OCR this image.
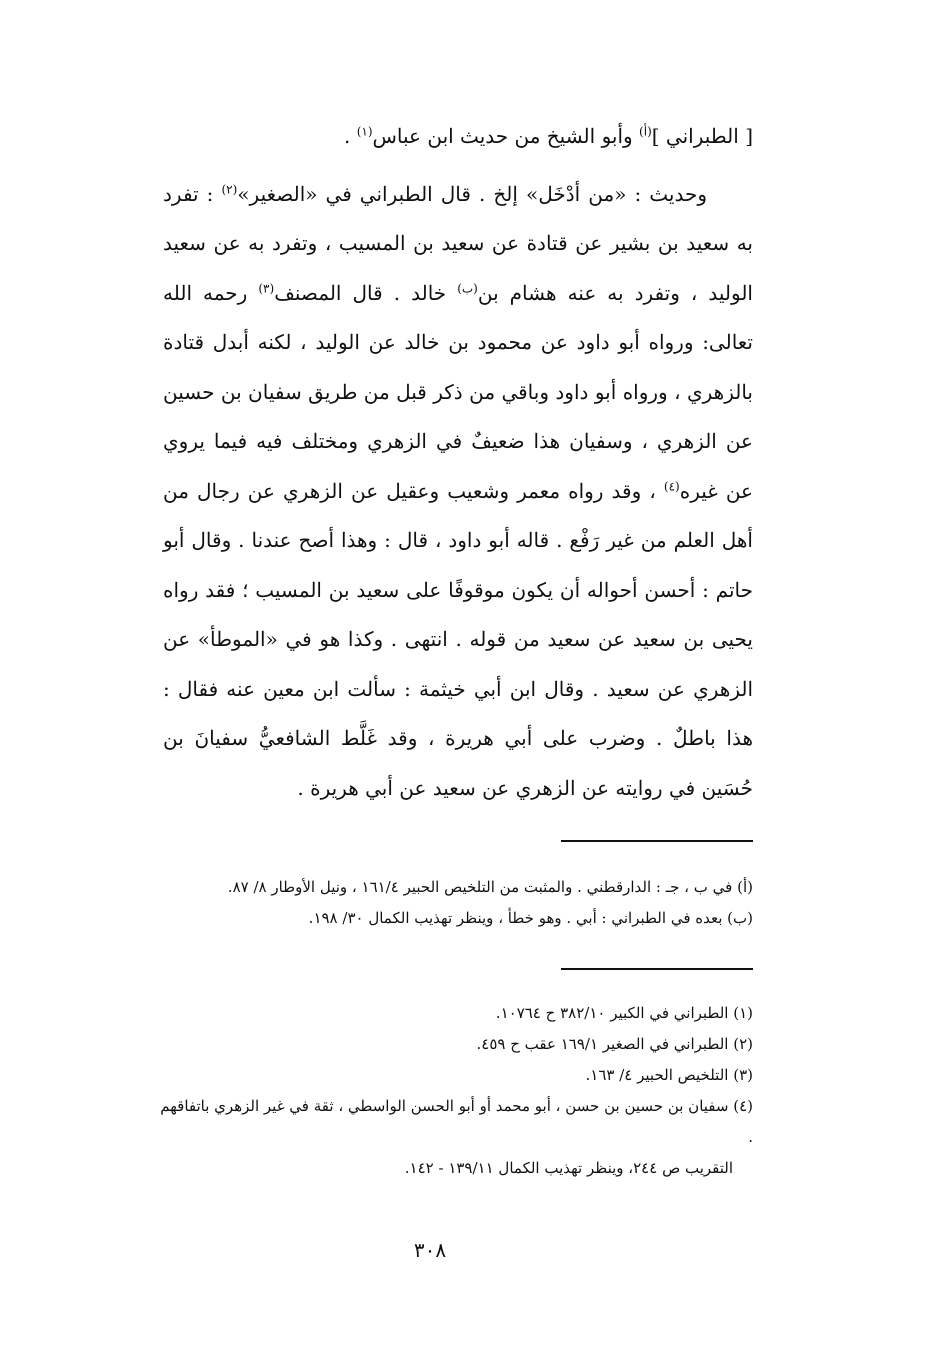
[ الطبراني ]$^{(أ)}$ وأبو الشيخ من حديث ابن عباس$^{(١)}$ .

وحديث : «من أدْخَل» إلخ . قال الطبراني في «الصغير»$^{(٢)}$ : تفرد به سعيد بن بشير عن قتادة عن سعيد بن المسيب ، وتفرد به عن سعيد الوليد ، وتفرد به عنه هشام بن$^{(ب)}$ خالد . قال المصنف$^{(٣)}$ رحمه الله تعالى: ورواه أبو داود عن محمود بن خالد عن الوليد ، لكنه أبدل قتادة بالزهري ، ورواه أبو داود وباقي من ذكر قبل من طريق سفيان بن حسين عن الزهري ، وسفيان هذا ضعيفٌ في الزهري ومختلف فيه فيما يروي عن غيره$^{(٤)}$ ، وقد رواه معمر وشعيب وعقيل عن الزهري عن رجال من أهل العلم من غير رَفْع . قاله أبو داود ، قال : وهذا أصح عندنا . وقال أبو حاتم : أحسن أحواله أن يكون موقوفًا على سعيد بن المسيب ؛ فقد رواه يحيى بن سعيد عن سعيد من قوله . انتهى . وكذا هو في «الموطأ» عن الزهري عن سعيد . وقال ابن أبي خيثمة : سألت ابن معين عنه فقال : هذا باطلٌ . وضرب على أبي هريرة ، وقد غَلَّط الشافعيُّ سفيانَ بن حُسَين في روايته عن الزهري عن سعيد عن أبي هريرة .

(أ) في ب ، جـ : الدارقطني . والمثبت من التلخيص الحبير ١٦١/٤ ، ونيل الأوطار ٨/ ٨٧.

(ب) بعده في الطبراني : أبي . وهو خطأ ، وينظر تهذيب الكمال ٣٠/ ١٩٨.

(١) الطبراني في الكبير ٣٨٢/١٠ ح ١٠٧٦٤.

(٢) الطبراني في الصغير ١٦٩/١ عقب ح ٤٥٩.

(٣) التلخيص الحبير ٤/ ١٦٣.

(٤) سفيان بن حسين بن حسن ، أبو محمد أو أبو الحسن الواسطي ، ثقة في غير الزهري باتفاقهم .

التقريب ص ٢٤٤، وينظر تهذيب الكمال ١٣٩/١١ - ١٤٢.

٣٠٨
